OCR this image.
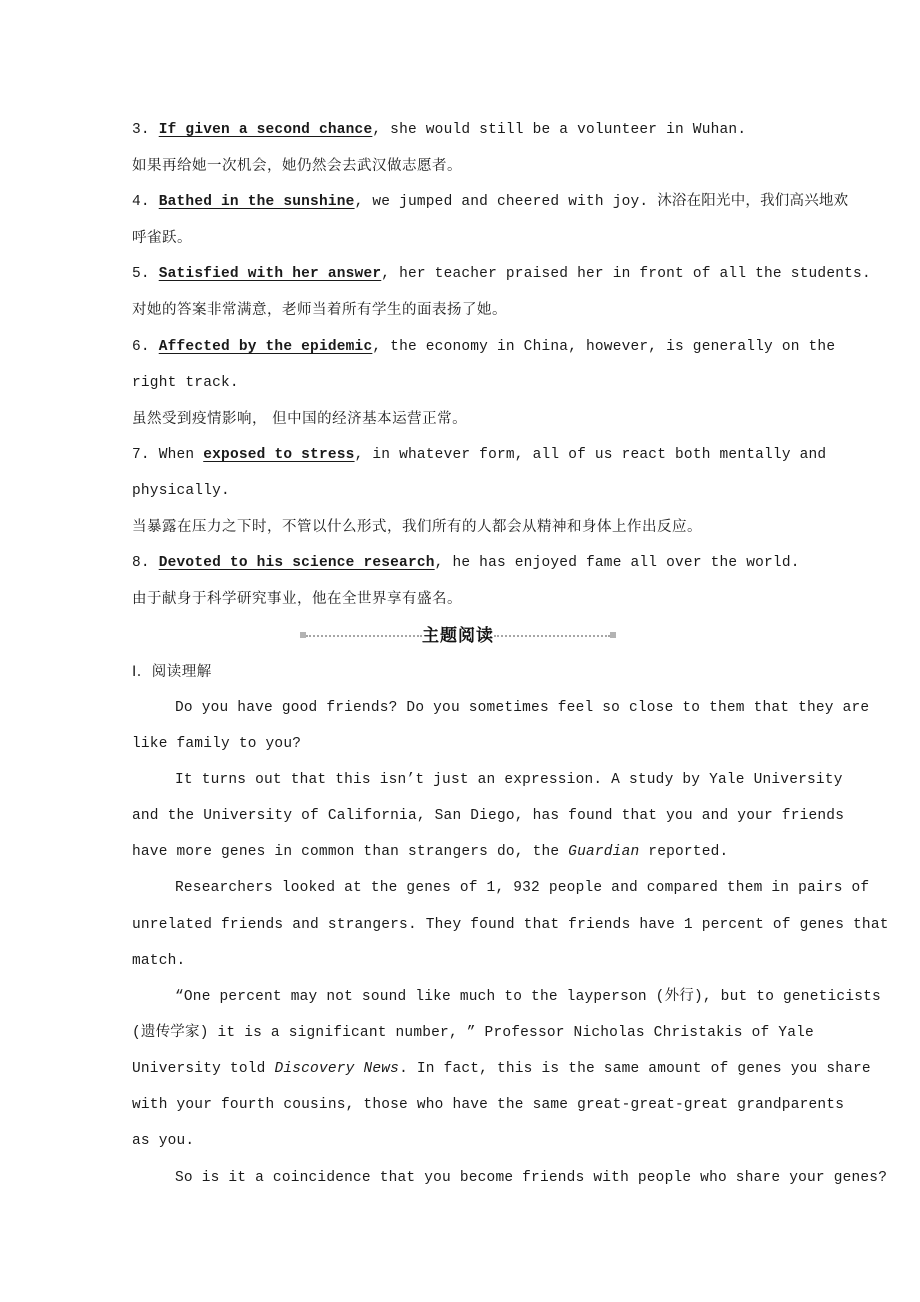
3. If given a second chance, she would still be a volunteer in Wuhan.
如果再给她一次机会，她仍然会去武汉做志愿者。
4. Bathed in the sunshine, we jumped and cheered with joy. 沐浴在阳光中，我们高兴地欢
呼雀跃。
5. Satisfied with her answer, her teacher praised her in front of all the students.
对她的答案非常满意，老师当着所有学生的面表扬了她。
6. Affected by the epidemic, the economy in China, however, is generally on the
right track.
虽然受到疫情影响， 但中国的经济基本运营正常。
7. When exposed to stress, in whatever form, all of us react both mentally and
physically.
当暴露在压力之下时，不管以什么形式，我们所有的人都会从精神和身体上作出反应。
8. Devoted to his science research, he has enjoyed fame all over the world.
由于献身于科学研究事业，他在全世界享有盛名。
主题阅读
Ⅰ．阅读理解
Do you have good friends? Do you sometimes feel so close to them that they are
like family to you?
It turns out that this isn’t just an expression. A study by Yale University
and the University of California, San Diego, has found that you and your friends
have more genes in common than strangers do, the Guardian reported.
Researchers looked at the genes of 1, 932 people and compared them in pairs of
unrelated friends and strangers. They found that friends have 1 percent of genes that
match.
“One percent may not sound like much to the layperson (外行), but to geneticists
(遗传学家) it is a significant number, ” Professor Nicholas Christakis of Yale
University told Discovery News. In fact, this is the same amount of genes you share
with your fourth cousins, those who have the same great-great-great grandparents
as you.
So is it a coincidence that you become friends with people who share your genes?
